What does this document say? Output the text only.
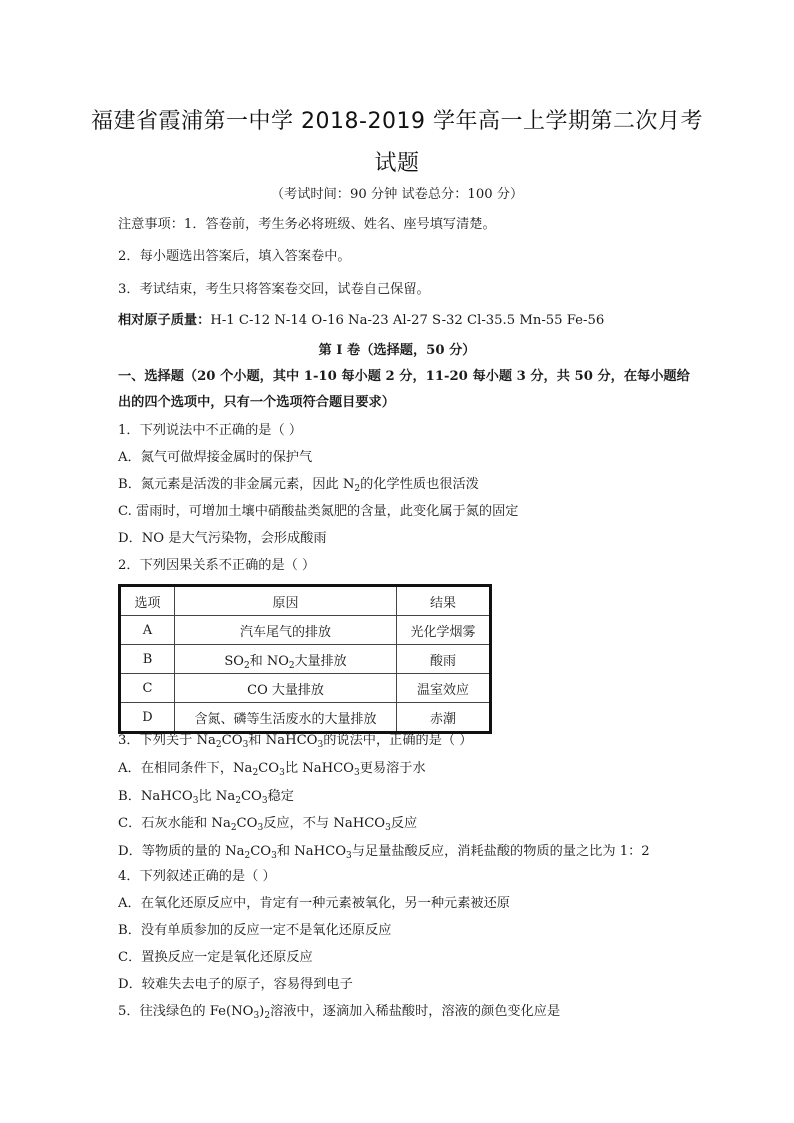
福建省霞浦第一中学 2018-2019 学年高一上学期第二次月考
试题
（考试时间：90 分钟 试卷总分：100 分）
注意事项：1．答卷前，考生务必将班级、姓名、座号填写清楚。
2．每小题选出答案后，填入答案卷中。
3．考试结束，考生只将答案卷交回，试卷自己保留。
相对原子质量：H-1 C-12 N-14 O-16 Na-23 Al-27 S-32 Cl-35.5 Mn-55 Fe-56
第 I 卷（选择题，50 分）
一、选择题（20 个小题，其中 1-10 每小题 2 分，11-20 每小题 3 分，共 50 分，在每小题给
出的四个选项中，只有一个选项符合题目要求）
1．下列说法中不正确的是（ ）
A．氮气可做焊接金属时的保护气
B．氮元素是活泼的非金属元素，因此 $N_2$的化学性质也很活泼
C. 雷雨时，可增加土壤中硝酸盐类氮肥的含量，此变化属于氮的固定
D．NO 是大气污染物，会形成酸雨
2．下列因果关系不正确的是（ ）
选项	原因	结果
A	汽车尾气的排放	光化学烟雾
B	$SO_2$和 $NO_2$大量排放	酸雨
C	CO 大量排放	温室效应
D	含氮、磷等生活废水的大量排放	赤潮
3．下列关于 $Na_2CO_3$和 NaHCO$_3$的说法中，正确的是（ ）
A．在相同条件下，$Na_2CO_3$比 NaHCO$_3$更易溶于水
B．NaHCO$_3$比 $Na_2CO_3$稳定
C．石灰水能和 $Na_2CO_3$反应，不与 NaHCO$_3$反应
D．等物质的量的 $Na_2CO_3$和 NaHCO$_3$与足量盐酸反应，消耗盐酸的物质的量之比为 1：2
4．下列叙述正确的是（ ）
A．在氧化还原反应中，肯定有一种元素被氧化，另一种元素被还原
B．没有单质参加的反应一定不是氧化还原反应
C．置换反应一定是氧化还原反应
D．较难失去电子的原子，容易得到电子
5．往浅绿色的 $Fe(NO_3)_2$溶液中，逐滴加入稀盐酸时，溶液的颜色变化应是
